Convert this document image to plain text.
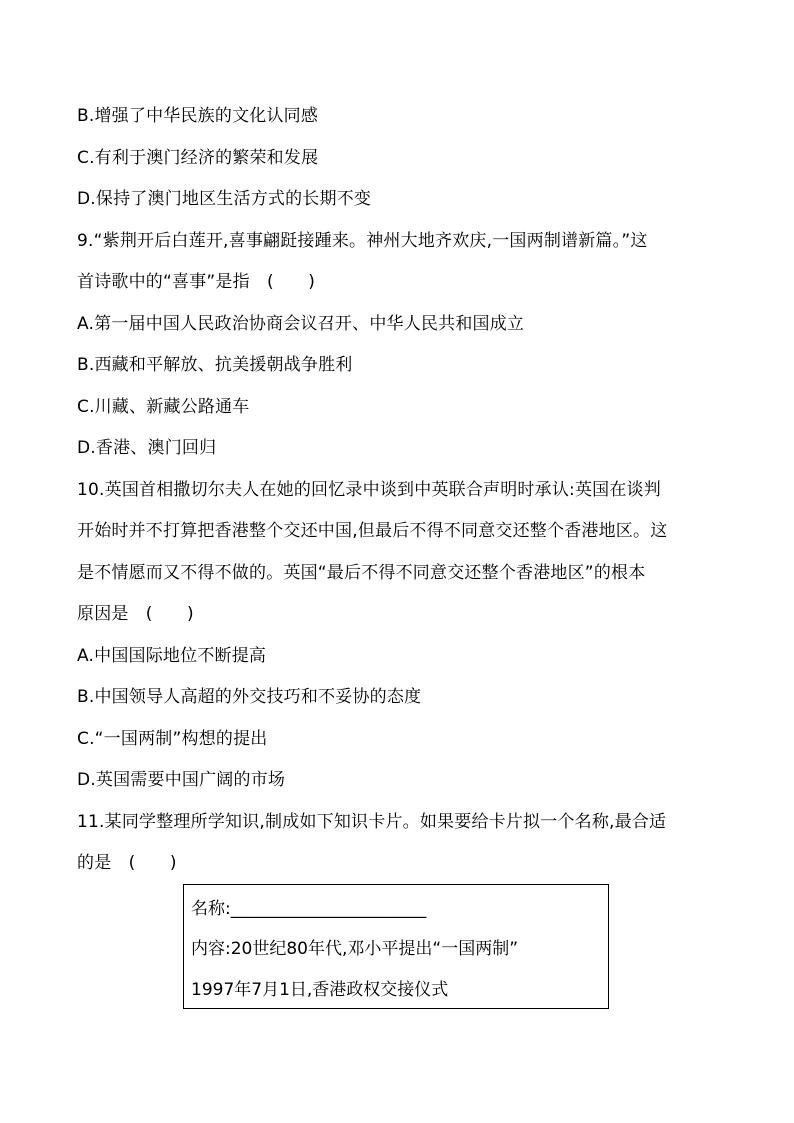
B.增强了中华民族的文化认同感
C.有利于澳门经济的繁荣和发展
D.保持了澳门地区生活方式的长期不变
9.“紫荆开后白莲开,喜事翩跹接踵来。神州大地齐欢庆,一国两制谱新篇。”这
首诗歌中的“喜事”是指　(　　)
A.第一届中国人民政治协商会议召开、中华人民共和国成立
B.西藏和平解放、抗美援朝战争胜利
C.川藏、新藏公路通车
D.香港、澳门回归
10.英国首相撒切尔夫人在她的回忆录中谈到中英联合声明时承认:英国在谈判
开始时并不打算把香港整个交还中国,但最后不得不同意交还整个香港地区。这
是不情愿而又不得不做的。英国“最后不得不同意交还整个香港地区”的根本
原因是　(　　)
A.中国国际地位不断提高
B.中国领导人高超的外交技巧和不妥协的态度
C.“一国两制”构想的提出
D.英国需要中国广阔的市场
11.某同学整理所学知识,制成如下知识卡片。如果要给卡片拟一个名称,最合适
的是　(　　)
名称:_______________________
内容:20世纪80年代,邓小平提出“一国两制”
1997年7月1日,香港政权交接仪式
